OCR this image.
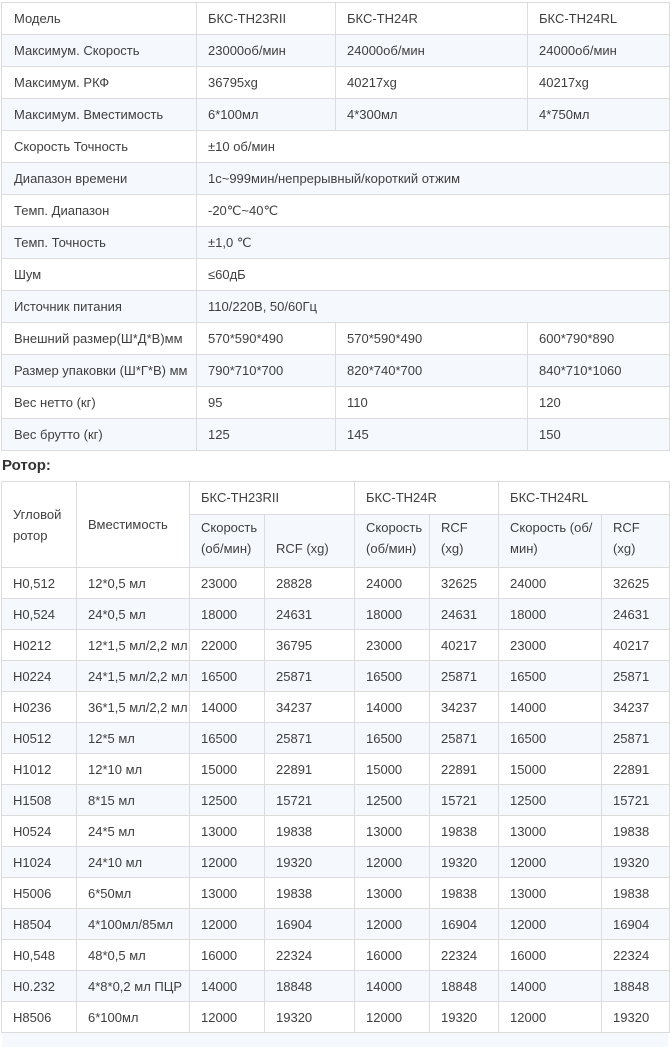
Модель	БКС-TH23RII	БКС-TH24R	БКС-TH24RL
Максимум. Скорость	23000об/мин	24000об/мин	24000об/мин
Максимум. РКФ	36795xg	40217xg	40217xg
Максимум. Вместимость	6*100мл	4*300мл	4*750мл
Скорость Точность	±10 об/мин		
Диапазон времени	1с~999мин/непрерывный/короткий отжим		
Темп. Диапазон	-20℃~40℃		
Темп. Точность	±1,0 ℃		
Шум	≤60дБ		
Источник питания	110/220В, 50/60Гц		
Внешний размер(Ш*Д*В)мм	570*590*490	570*590*490	600*790*890
Размер упаковки (Ш*Г*В) мм	790*710*700	820*740*700	840*710*1060
Вес нетто (кг)	95	110	120
Вес брутто (кг)	125	145	150
Ротор:
Угловой ротор	Вместимость	БКС-TH23RII		БКС-TH24R		БКС-TH24RL	
		Скорость (об/мин)	RCF (xg)	Скорость (об/мин)	RCF (xg)	Скорость (об/мин)	RCF (xg)
H0,512	12*0,5 мл	23000	28828	24000	32625	24000	32625
H0,524	24*0,5 мл	18000	24631	18000	24631	18000	24631
H0212	12*1,5 мл/2,2 мл	22000	36795	23000	40217	23000	40217
H0224	24*1,5 мл/2,2 мл	16500	25871	16500	25871	16500	25871
H0236	36*1,5 мл/2,2 мл	14000	34237	14000	34237	14000	34237
H0512	12*5 мл	16500	25871	16500	25871	16500	25871
H1012	12*10 мл	15000	22891	15000	22891	15000	22891
H1508	8*15 мл	12500	15721	12500	15721	12500	15721
H0524	24*5 мл	13000	19838	13000	19838	13000	19838
H1024	24*10 мл	12000	19320	12000	19320	12000	19320
H5006	6*50мл	13000	19838	13000	19838	13000	19838
H8504	4*100мл/85мл	12000	16904	12000	16904	12000	16904
H0,548	48*0,5 мл	16000	22324	16000	22324	16000	22324
H0.232	4*8*0,2 мл ПЦР	14000	18848	14000	18848	14000	18848
H8506	6*100мл	12000	19320	12000	19320	12000	19320
